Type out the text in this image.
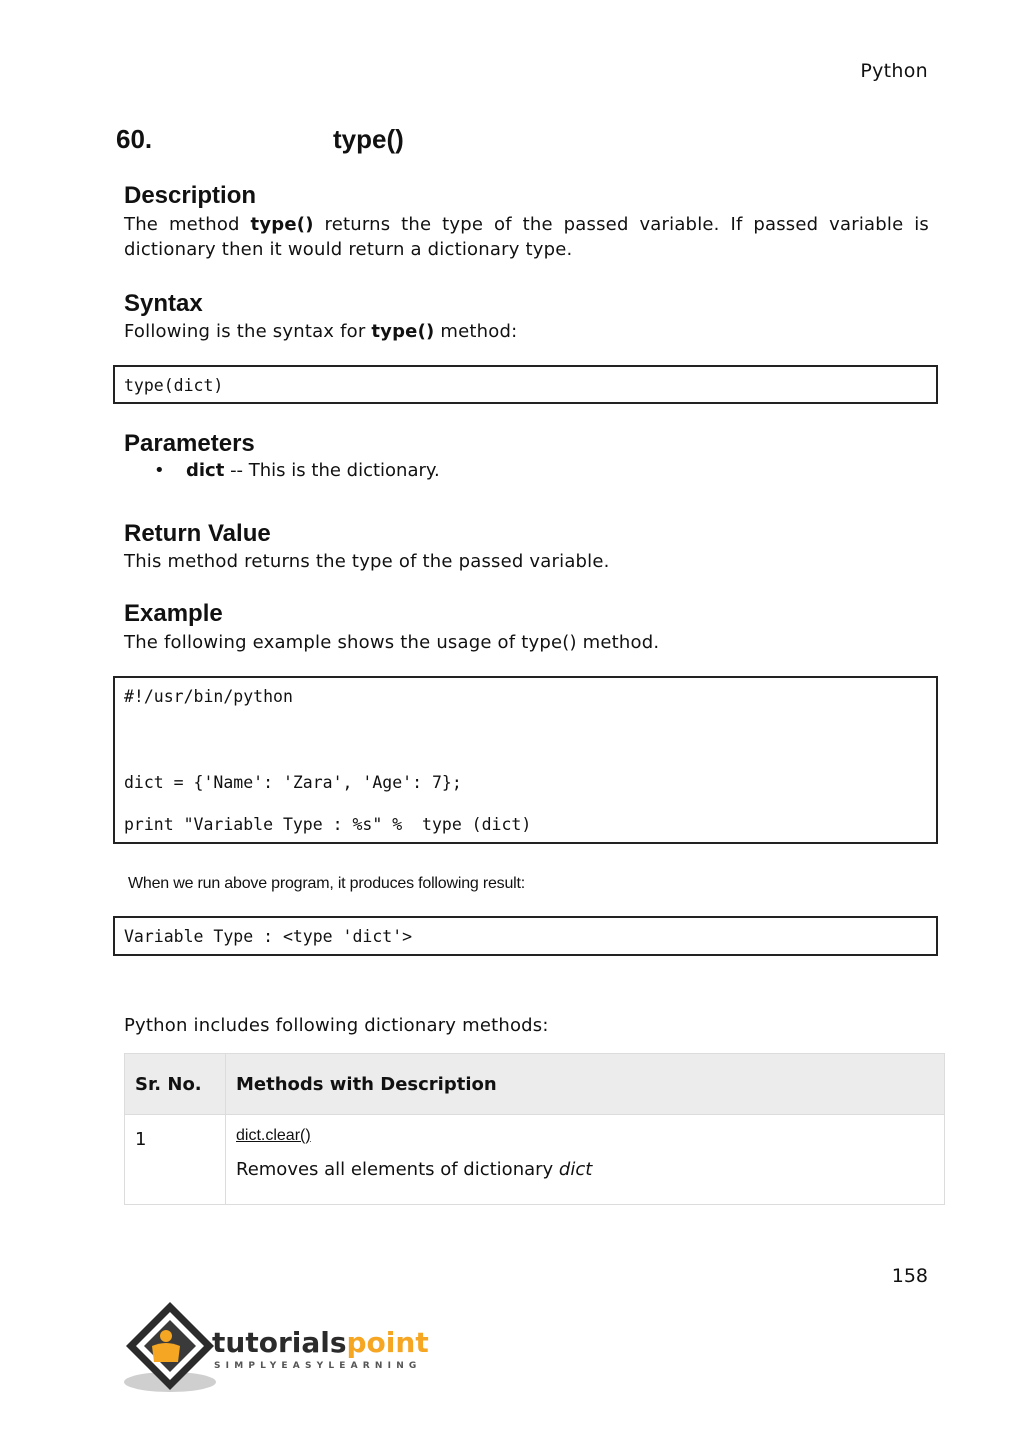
Python
60.	type()
Description
The method type() returns the type of the passed variable. If passed variable is dictionary then it would return a dictionary type.
Syntax
Following is the syntax for type() method:
type(dict)
Parameters
• dict -- This is the dictionary.
Return Value
This method returns the type of the passed variable.
Example
The following example shows the usage of type() method.
#!/usr/bin/python
dict = {'Name': 'Zara', 'Age': 7};
print "Variable Type : %s" %  type (dict)
When we run above program, it produces following result:
Variable Type : <type 'dict'>
Python includes following dictionary methods:
Sr. No.	Methods with Description
1	dict.clear()
Removes all elements of dictionary dict
158
tutorialspoint
SIMPLYEASYLEARNING
